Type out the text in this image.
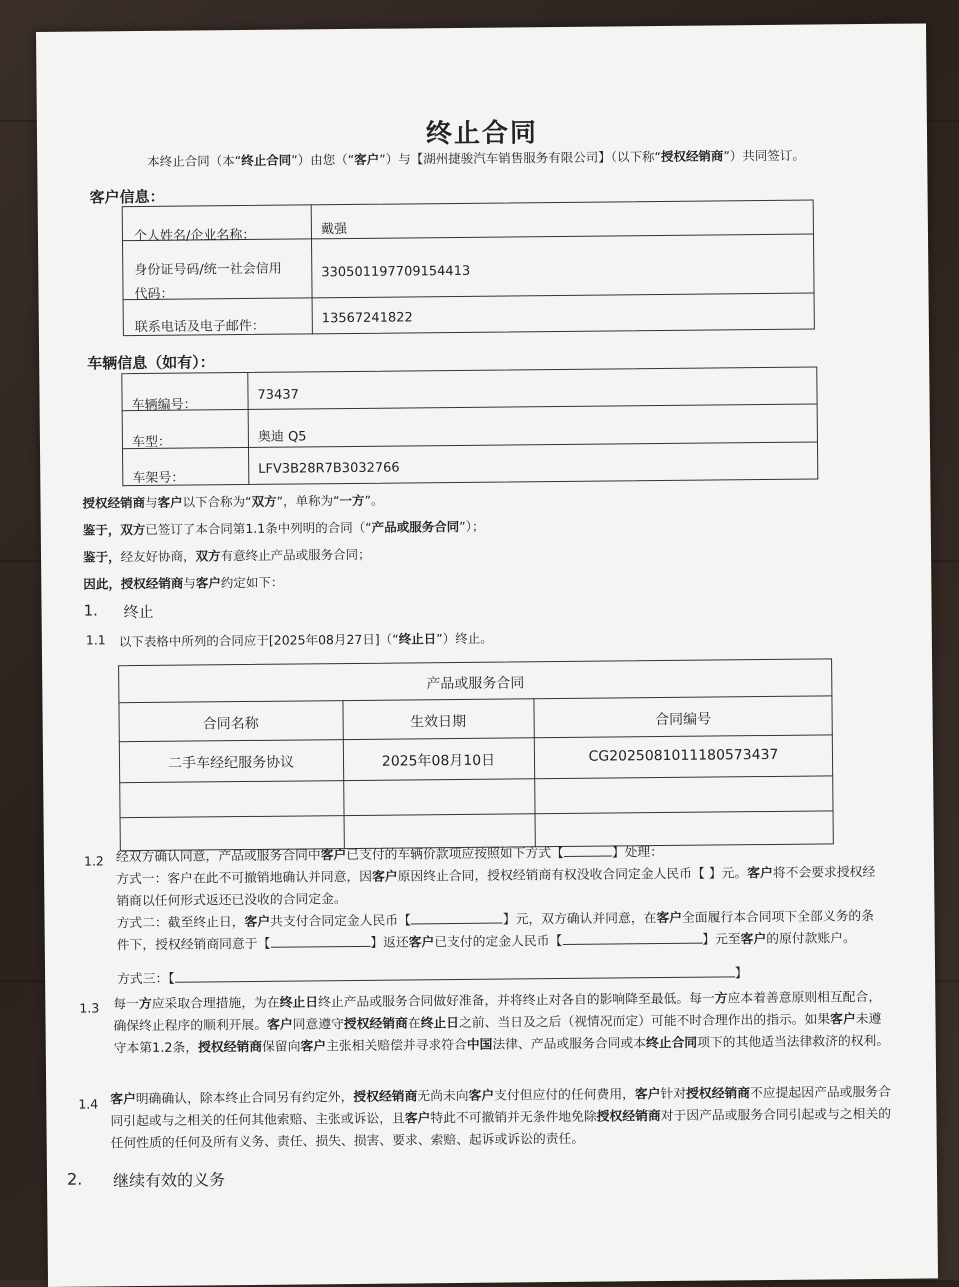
终止合同
本终止合同（本“终止合同”）由您（“客户”）与【湖州捷骏汽车销售服务有限公司】（以下称“授权经销商”）共同签订。
客户信息：
个人姓名/企业名称：	戴强
身份证号码/统一社会信用
代码：
330501197709154413
联系电话及电子邮件：
13567241822
车辆信息（如有）：
车辆编号：
73437
车型：	奥迪 Q5
车架号：
LFV3B28R7B3032766
授权经销商与客户以下合称为“双方”，单称为“一方”。
鉴于，双方已签订了本合同第1.1条中列明的合同（“产品或服务合同”）；
鉴于，经友好协商，双方有意终止产品或服务合同；
因此，授权经销商与客户约定如下：
1. 终止
1.1 以下表格中所列的合同应于[2025年08月27日]（“终止日”）终止。
产品或服务合同
合同名称	生效日期	合同编号
二手车经纪服务协议	2025年08月10日	CG2025081011180573437
1.2 经双方确认同意，产品或服务合同中客户已支付的车辆价款项应按照如下方式【	】处理：
方式一：客户在此不可撤销地确认并同意，因客户原因终止合同，授权经销商有权没收合同定金人民币【 】元。客户将不会要求授权经销商以任何形式返还已没收的合同定金。
方式二：截至终止日，客户共支付合同定金人民币【	】元，双方确认并同意，在客户全面履行本合同项下全部义务的条件下，授权经销商同意于【	】返还客户已支付的定金人民币【	】元至客户的原付款账户。
方式三：【	】
1.3 每一方应采取合理措施，为在终止日终止产品或服务合同做好准备，并将终止对各自的影响降至最低。每一方应本着善意原则相互配合，确保终止程序的顺利开展。客户同意遵守授权经销商在终止日之前、当日及之后（视情况而定）可能不时合理作出的指示。如果客户未遵守本第1.2条，授权经销商保留向客户主张相关赔偿并寻求符合中国法律、产品或服务合同或本终止合同项下的其他适当法律救济的权利。
1.4 客户明确确认，除本终止合同另有约定外，授权经销商无尚未向客户支付但应付的任何费用，客户针对授权经销商不应提起因产品或服务合同引起或与之相关的任何其他索赔、主张或诉讼，且客户特此不可撤销并无条件地免除授权经销商对于因产品或服务合同引起或与之相关的任何性质的任何及所有义务、责任、损失、损害、要求、索赔、起诉或诉讼的责任。
2. 继续有效的义务
